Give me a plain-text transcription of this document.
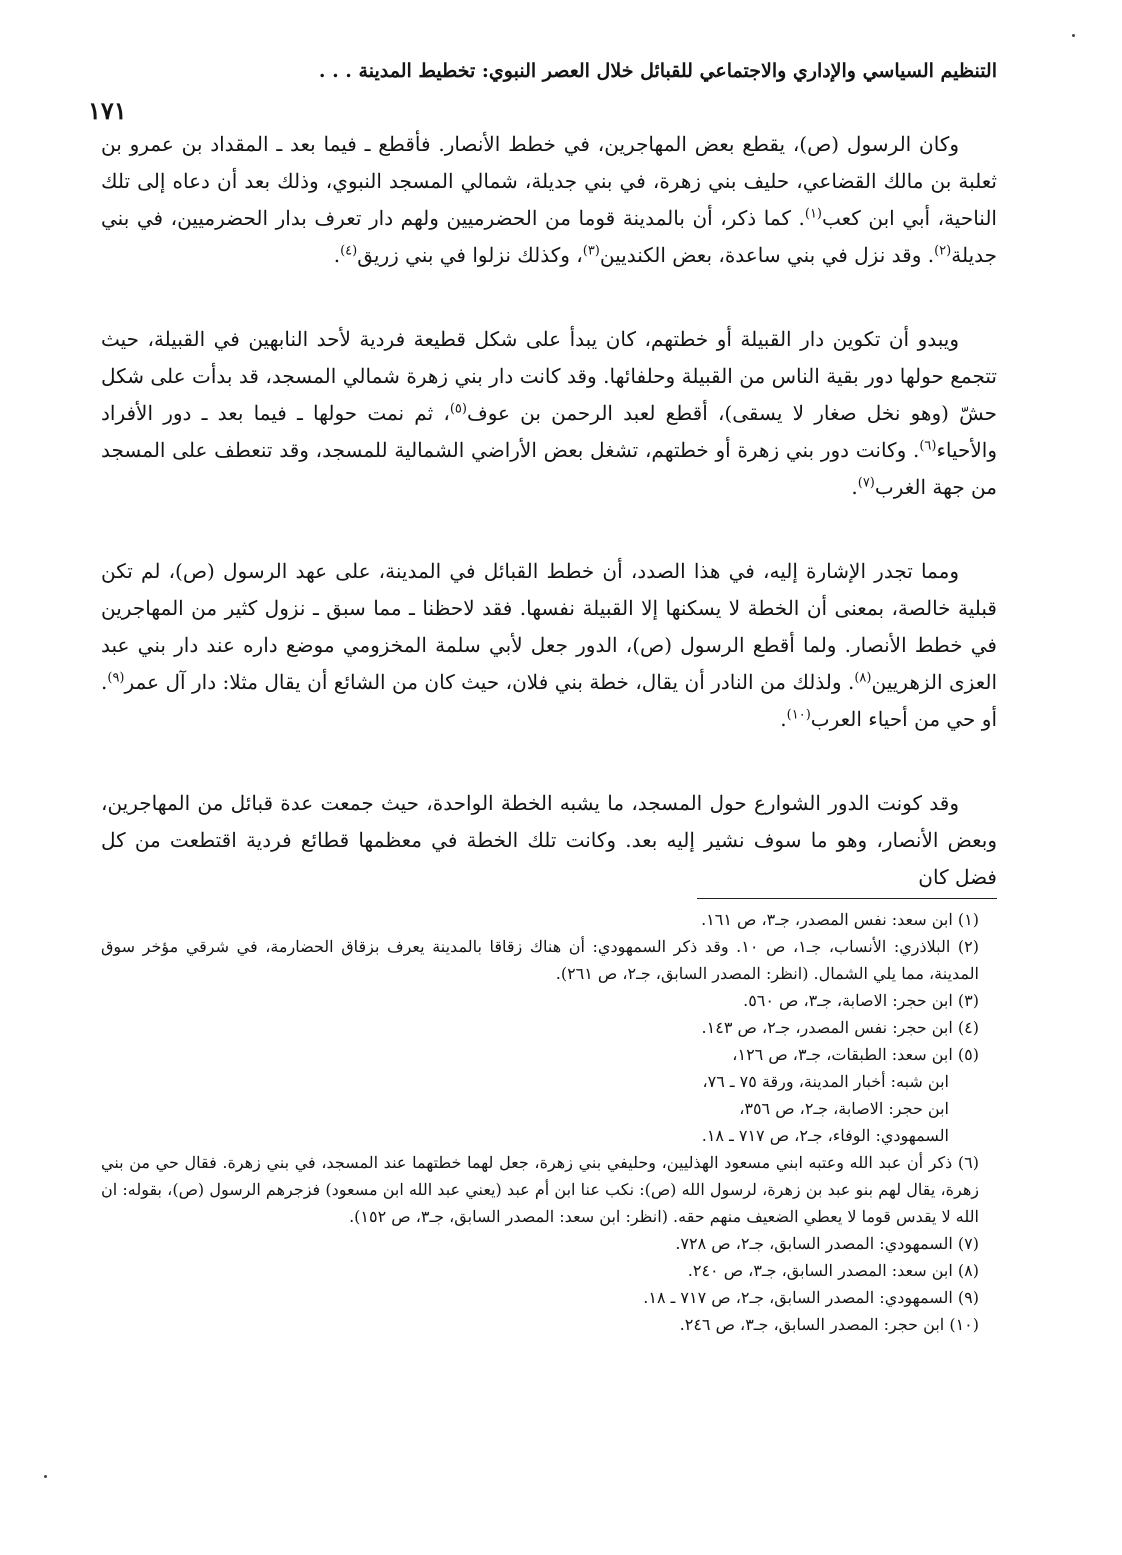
التنظيم السياسي والإداري والاجتماعي للقبائل خلال العصر النبوي: تخطيط المدينة . . .
١٧١

وكان الرسول (ص)، يقطع بعض المهاجرين، في خطط الأنصار. فأقطع ـ فيما بعد ـ المقداد بن عمرو بن ثعلبة بن مالك القضاعي، حليف بني زهرة، في بني جديلة، شمالي المسجد النبوي، وذلك بعد أن دعاه إلى تلك الناحية، أبي ابن كعب$^{(١)}$. كما ذكر، أن بالمدينة قوما من الحضرميين ولهم دار تعرف بدار الحضرميين، في بني جديلة$^{(٢)}$. وقد نزل في بني ساعدة، بعض الكنديين$^{(٣)}$، وكذلك نزلوا في بني زريق$^{(٤)}$.

ويبدو أن تكوين دار القبيلة أو خطتهم، كان يبدأ على شكل قطيعة فردية لأحد النابهين في القبيلة، حيث تتجمع حولها دور بقية الناس من القبيلة وحلفائها. وقد كانت دار بني زهرة شمالي المسجد، قد بدأت على شكل حشّ (وهو نخل صغار لا يسقى)، أقطع لعبد الرحمن بن عوف$^{(٥)}$، ثم نمت حولها ـ فيما بعد ـ دور الأفراد والأحياء$^{(٦)}$. وكانت دور بني زهرة أو خطتهم، تشغل بعض الأراضي الشمالية للمسجد، وقد تنعطف على المسجد من جهة الغرب$^{(٧)}$.

ومما تجدر الإشارة إليه، في هذا الصدد، أن خطط القبائل في المدينة، على عهد الرسول (ص)، لم تكن قبلية خالصة، بمعنى أن الخطة لا يسكنها إلا القبيلة نفسها. فقد لاحظنا ـ مما سبق ـ نزول كثير من المهاجرين في خطط الأنصار. ولما أقطع الرسول (ص)، الدور جعل لأبي سلمة المخزومي موضع داره عند دار بني عبد العزى الزهريين$^{(٨)}$. ولذلك من النادر أن يقال، خطة بني فلان، حيث كان من الشائع أن يقال مثلا: دار آل عمر$^{(٩)}$. أو حي من أحياء العرب$^{(١٠)}$.

وقد كونت الدور الشوارع حول المسجد، ما يشبه الخطة الواحدة، حيث جمعت عدة قبائل من المهاجرين، وبعض الأنصار، وهو ما سوف نشير إليه بعد. وكانت تلك الخطة في معظمها قطائع فردية اقتطعت من كل فضل كان

(١) ابن سعد: نفس المصدر، جـ٣، ص ١٦١.

(٢) البلاذري: الأنساب، جـ١، ص ١٠. وقد ذكر السمهودي: أن هناك زقاقا بالمدينة يعرف بزقاق الحضارمة، في شرقي مؤخر سوق المدينة، مما يلي الشمال. (انظر: المصدر السابق، جـ٢، ص ٢٦١).

(٣) ابن حجر: الاصابة، جـ٣، ص ٥٦٠.

(٤) ابن حجر: نفس المصدر، جـ٢، ص ١٤٣.

(٥) ابن سعد: الطبقات، جـ٣، ص ١٢٦،

ابن شبه: أخبار المدينة، ورقة ٧٥ ـ ٧٦،

ابن حجر: الاصابة، جـ٢، ص ٣٥٦،

السمهودي: الوفاء، جـ٢، ص ٧١٧ ـ ١٨.

(٦) ذكر أن عبد الله وعتبه ابني مسعود الهذليين، وحليفي بني زهرة، جعل لهما خطتهما عند المسجد، في بني زهرة. فقال حي من بني زهرة، يقال لهم بنو عبد بن زهرة، لرسول الله (ص): نكب عنا ابن أم عبد (يعني عبد الله ابن مسعود) فزجرهم الرسول (ص)، بقوله: ان الله لا يقدس قوما لا يعطي الضعيف منهم حقه. (انظر: ابن سعد: المصدر السابق، جـ٣، ص ١٥٢).

(٧) السمهودي: المصدر السابق، جـ٢، ص ٧٢٨.

(٨) ابن سعد: المصدر السابق، جـ٣، ص ٢٤٠.

(٩) السمهودي: المصدر السابق، جـ٢، ص ٧١٧ ـ ١٨.

(١٠) ابن حجر: المصدر السابق، جـ٣، ص ٢٤٦.
